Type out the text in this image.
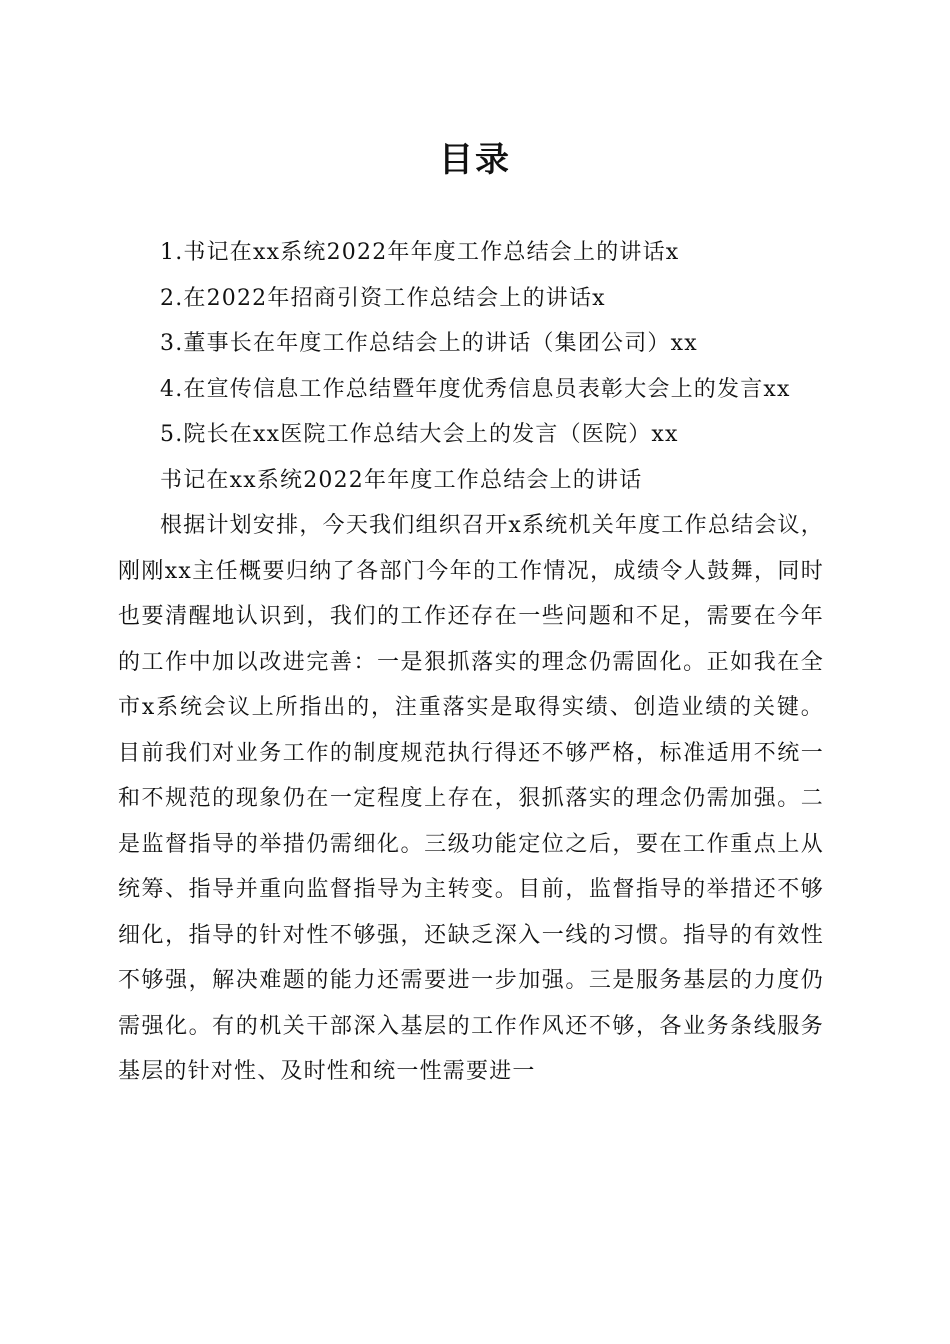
目录

1.书记在xx系统2022年年度工作总结会上的讲话x

2.在2022年招商引资工作总结会上的讲话x

3.董事长在年度工作总结会上的讲话（集团公司）xx

4.在宣传信息工作总结暨年度优秀信息员表彰大会上的发言xx

5.院长在xx医院工作总结大会上的发言（医院）xx

书记在xx系统2022年年度工作总结会上的讲话

根据计划安排，今天我们组织召开x系统机关年度工作总结会议，刚刚xx主任概要归纳了各部门今年的工作情况，成绩令人鼓舞，同时也要清醒地认识到，我们的工作还存在一些问题和不足，需要在今年的工作中加以改进完善：一是狠抓落实的理念仍需固化。正如我在全市x系统会议上所指出的，注重落实是取得实绩、创造业绩的关键。目前我们对业务工作的制度规范执行得还不够严格，标准适用不统一和不规范的现象仍在一定程度上存在，狠抓落实的理念仍需加强。二是监督指导的举措仍需细化。三级功能定位之后，要在工作重点上从统筹、指导并重向监督指导为主转变。目前，监督指导的举措还不够细化，指导的针对性不够强，还缺乏深入一线的习惯。指导的有效性不够强，解决难题的能力还需要进一步加强。三是服务基层的力度仍需强化。有的机关干部深入基层的工作作风还不够，各业务条线服务基层的针对性、及时性和统一性需要进一
